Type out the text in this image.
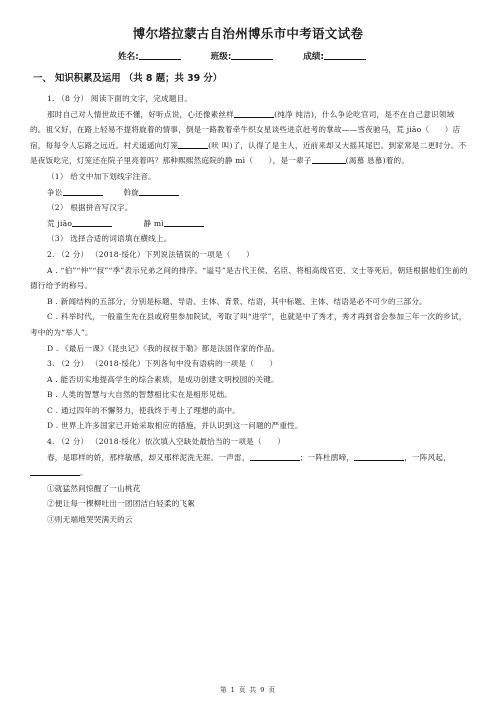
博尔塔拉蒙古自治州博乐市中考语文试卷
姓名:	班级:	成绩:
一、 知识积累及运用 （共 8 题；共 39 分）

1. （8 分） 阅读下面的文字，完成题目。

那时自己对人情世故还不懂，好听点说，心还像素丝样	(纯净 纯洁)，什么争论吃官司，是不在自己意识领域的。祖父好，在路上轻易不提将旋着的情事，倒是一路教着牵牛织女星谈些进京赶考的掌故——雪夜驰马，荒 jiāo（　　）店宿，每每令人忘路之远近。村犬遥遥向灯笼	(吠 叫)了，认得了是主人，近前来却又大摇其尾巴。到家常是二更时分。不是夜饭吃完，灯笼还在院子里亮着吗？那种熙熙然庭院的静 mì（　　），是一辈子	(渴慕 恳慕)着的。

（1） 给文中加下划线字注音。

争讼	斡旋

（2） 根据拼音写汉字。

荒 jiāo	静 mì

（3） 选择合适的词语填在横线上。

2. （2 分） （2018·绥化）下列说法错误的一项是（　　）

A . “伯”“仲”“叔”“季”表示兄弟之间的排序。“谥号”是古代王侯、名臣、将相高级官吏、文士等死后，朝廷根据他们生前的德行给予的称号。

B . 新闻结构的五部分，分别是标题、导语、主体、背景、结语，其中标题、主体、结语是必不可少的三部分。

C . 科举时代，一般童生先在县或府里参加院试，考取了叫“进学”，也就是中了秀才，秀才再到省会参加三年一次的乡试，考中的为“举人”。

D . 《最后一课》《昆虫记》《我的叔叔于勒》都是法国作家的作品。

3. （2 分） （2018·绥化）下列各句中没有语病的一项是（　　）

A . 能否切实地提高学生的综合素质，是成功创建文明校园的关键。

B . 人类的智慧与大自然的智慧相比实在是相形见绌。

C . 通过四年的不懈努力，使我终于考上了理想的高中。

D . 世界上许多国家已开始采取相应的措施，并认识到这一问题的严重性。

4. （2 分） （2018·绥化）依次填入空缺处最恰当的一项是（　　）

春，是耶样的娇，那样敏感，却又那样泥洗无涯。一声雷，	；一阵杜鹃啼，	，一阵风起，。

①就猛然间惊醒了一山桃花

②便让每一棵柳吐出一团团洁白轻柔的飞絮

③则无端地哭哭满天的云

第 1 页 共 9 页
